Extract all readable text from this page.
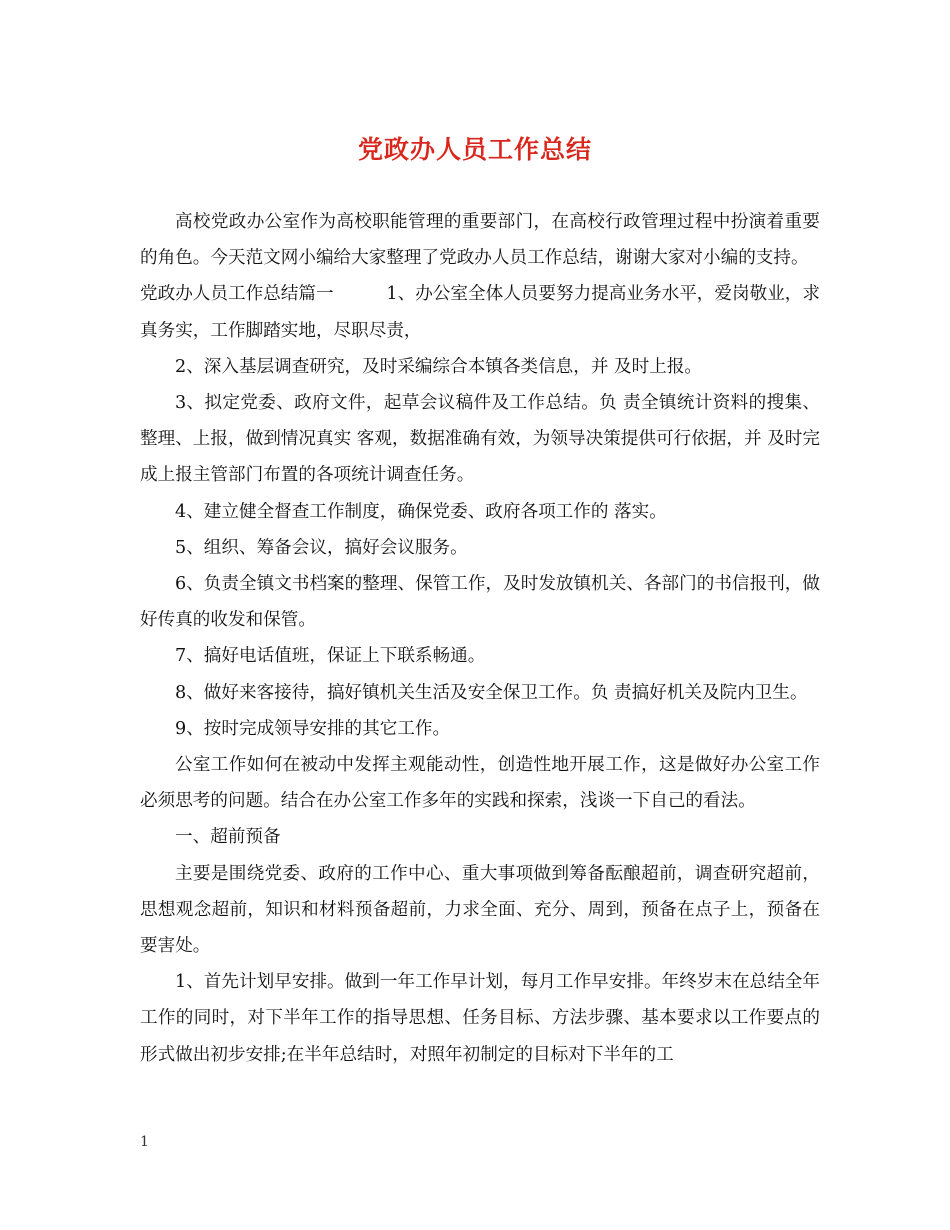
党政办人员工作总结

高校党政办公室作为高校职能管理的重要部门，在高校行政管理过程中扮演着重要的角色。今天范文网小编给大家整理了党政办人员工作总结，谢谢大家对小编的支持。

党政办人员工作总结篇一　　　1、办公室全体人员要努力提高业务水平，爱岗敬业，求真务实，工作脚踏实地，尽职尽责，

2、深入基层调查研究，及时采编综合本镇各类信息，并 及时上报。

3、拟定党委、政府文件，起草会议稿件及工作总结。负 责全镇统计资料的搜集、整理、上报，做到情况真实 客观，数据准确有效，为领导决策提供可行依据，并 及时完成上报主管部门布置的各项统计调查任务。

4、建立健全督查工作制度，确保党委、政府各项工作的 落实。

5、组织、筹备会议，搞好会议服务。

6、负责全镇文书档案的整理、保管工作，及时发放镇机关、各部门的书信报刊，做好传真的收发和保管。

7、搞好电话值班，保证上下联系畅通。

8、做好来客接待，搞好镇机关生活及安全保卫工作。负 责搞好机关及院内卫生。

9、按时完成领导安排的其它工作。

公室工作如何在被动中发挥主观能动性，创造性地开展工作，这是做好办公室工作必须思考的问题。结合在办公室工作多年的实践和探索，浅谈一下自己的看法。

一、超前预备

主要是围绕党委、政府的工作中心、重大事项做到筹备酝酿超前，调查研究超前，思想观念超前，知识和材料预备超前，力求全面、充分、周到，预备在点子上，预备在要害处。

1、首先计划早安排。做到一年工作早计划，每月工作早安排。年终岁末在总结全年工作的同时，对下半年工作的指导思想、任务目标、方法步骤、基本要求以工作要点的形式做出初步安排;在半年总结时，对照年初制定的目标对下半年的工

1
